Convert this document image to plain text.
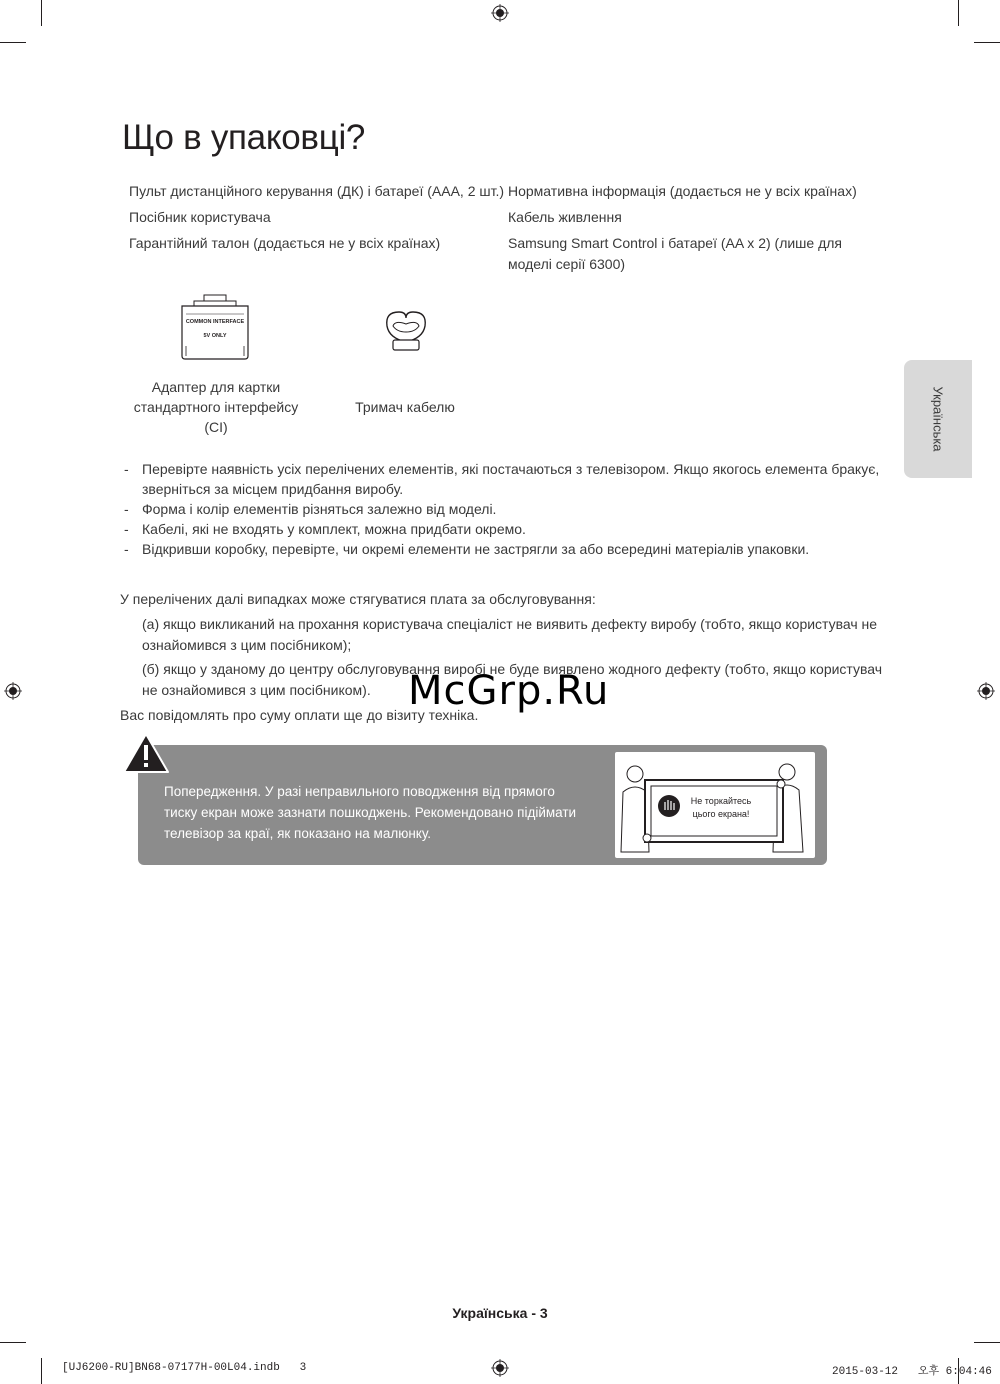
Що в упаковці?
Пульт дистанційного керування (ДК) і батареї (AAA, 2 шт.)
Посібник користувача
Гарантійний талон (додається не у всіх країнах)
Нормативна інформація (додається не у всіх країнах)
Кабель живлення
Samsung Smart Control і батареї (AA x 2) (лише для
моделі серії 6300)
COMMON INTERFACE
5V ONLY
Адаптер для картки
стандартного інтерфейсу
(CI)
Тримач кабелю	Українська
- Перевірте наявність усіх перелічених елементів, які постачаються з телевізором. Якщо якогось елемента бракує,
зверніться за місцем придбання виробу.
- Форма і колір елементів різняться залежно від моделі.
- Кабелі, які не входять у комплект, можна придбати окремо.
- Відкривши коробку, перевірте, чи окремі елементи не застрягли за або всередині матеріалів упаковки.
У перелічених далі випадках може стягуватися плата за обслуговування:
(а) якщо викликаний на прохання користувача спеціаліст не виявить дефекту виробу (тобто, якщо користувач не
ознайомився з цим посібником);
(б) якщо у зданому до центру обслуговування виробі не буде виявлено жодного дефекту (тобто, якщо користувач
не ознайомився з цим посібником).
Вас повідомлять про суму оплати ще до візиту техніка.
McGrp.Ru
Попередження. У разі неправильного поводження від прямого
тиску екран може зазнати пошкоджень. Рекомендовано підіймати
телевізор за краї, як показано на малюнку.
Не торкайтесь
цього екрана!
Українська - 3
[UJ6200-RU]BN68-07177H-00L04.indb   3	2015-03-12   오후 6:04:46
